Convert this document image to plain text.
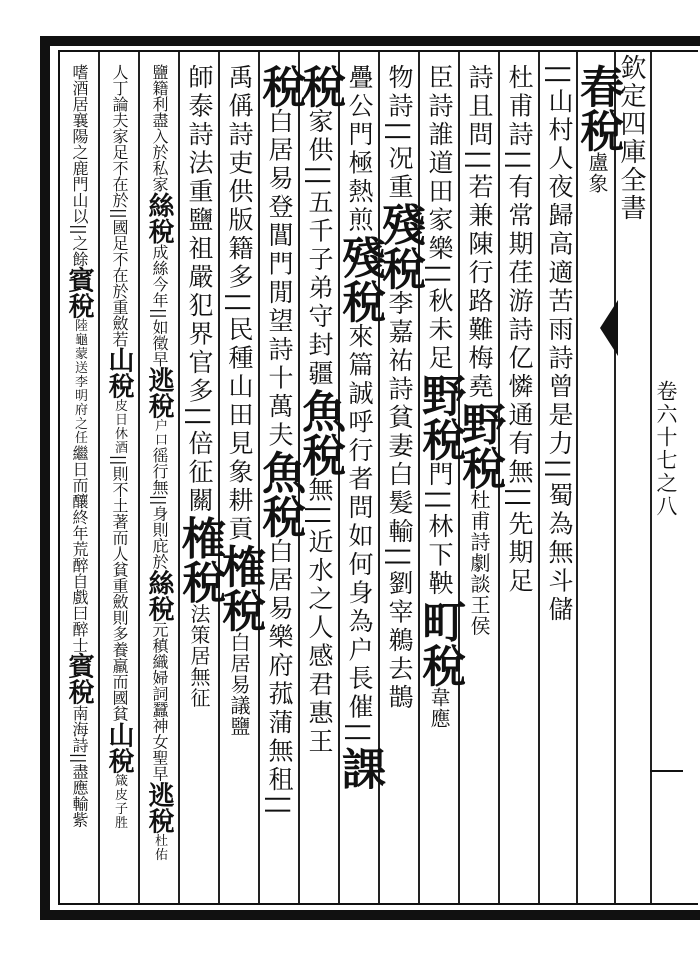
欽定四庫全書
卷六十七之八
春稅盧象
||山村人夜歸高適苦雨詩曾是力||蜀為無斗儲
杜甫詩||有常期荏游詩亿憐通有無||先期足
詩且問||若兼陳行路難梅堯野稅杜甫詩劇談王侯
臣詩誰道田家樂||秋未足野稅門||林下鞅町稅韋應
物詩||况重殘稅李嘉祐詩貧妻白髮輸||劉宰鵜去鵲
疊公門極熱煎殘稅來篇誠呼行者問如何身為户長催||課
稅家供||五千子弟守封疆魚稅無||近水之人感君惠王
稅白居易登閶門閒望詩十萬夫魚稅白居易樂府菰蒲無租||
禹偁詩吏供版籍多||民種山田見象耕貢榷稅白居易議鹽
師泰詩法重鹽祖嚴犯界官多||倍征關榷稅法策居無征
鹽籍利盡入於私家絲稅成絲今年||如徵早逃稅户口徭行無||身則庇於絲稅元稹織婦詞蠶神女聖早逃稅杜佑
人丁論夫家足不在於||國足不在於重斂若山稅皮日休酒||則不土著而人貧重斂則多養羸而國貧山稅箴皮子胜
嗜酒居襄陽之鹿門山以||之餘賓稅陸龜蒙送李明府之任繼日而釀終年荒醉自戲曰醉士賓稅南海詩||盡應輸紫
